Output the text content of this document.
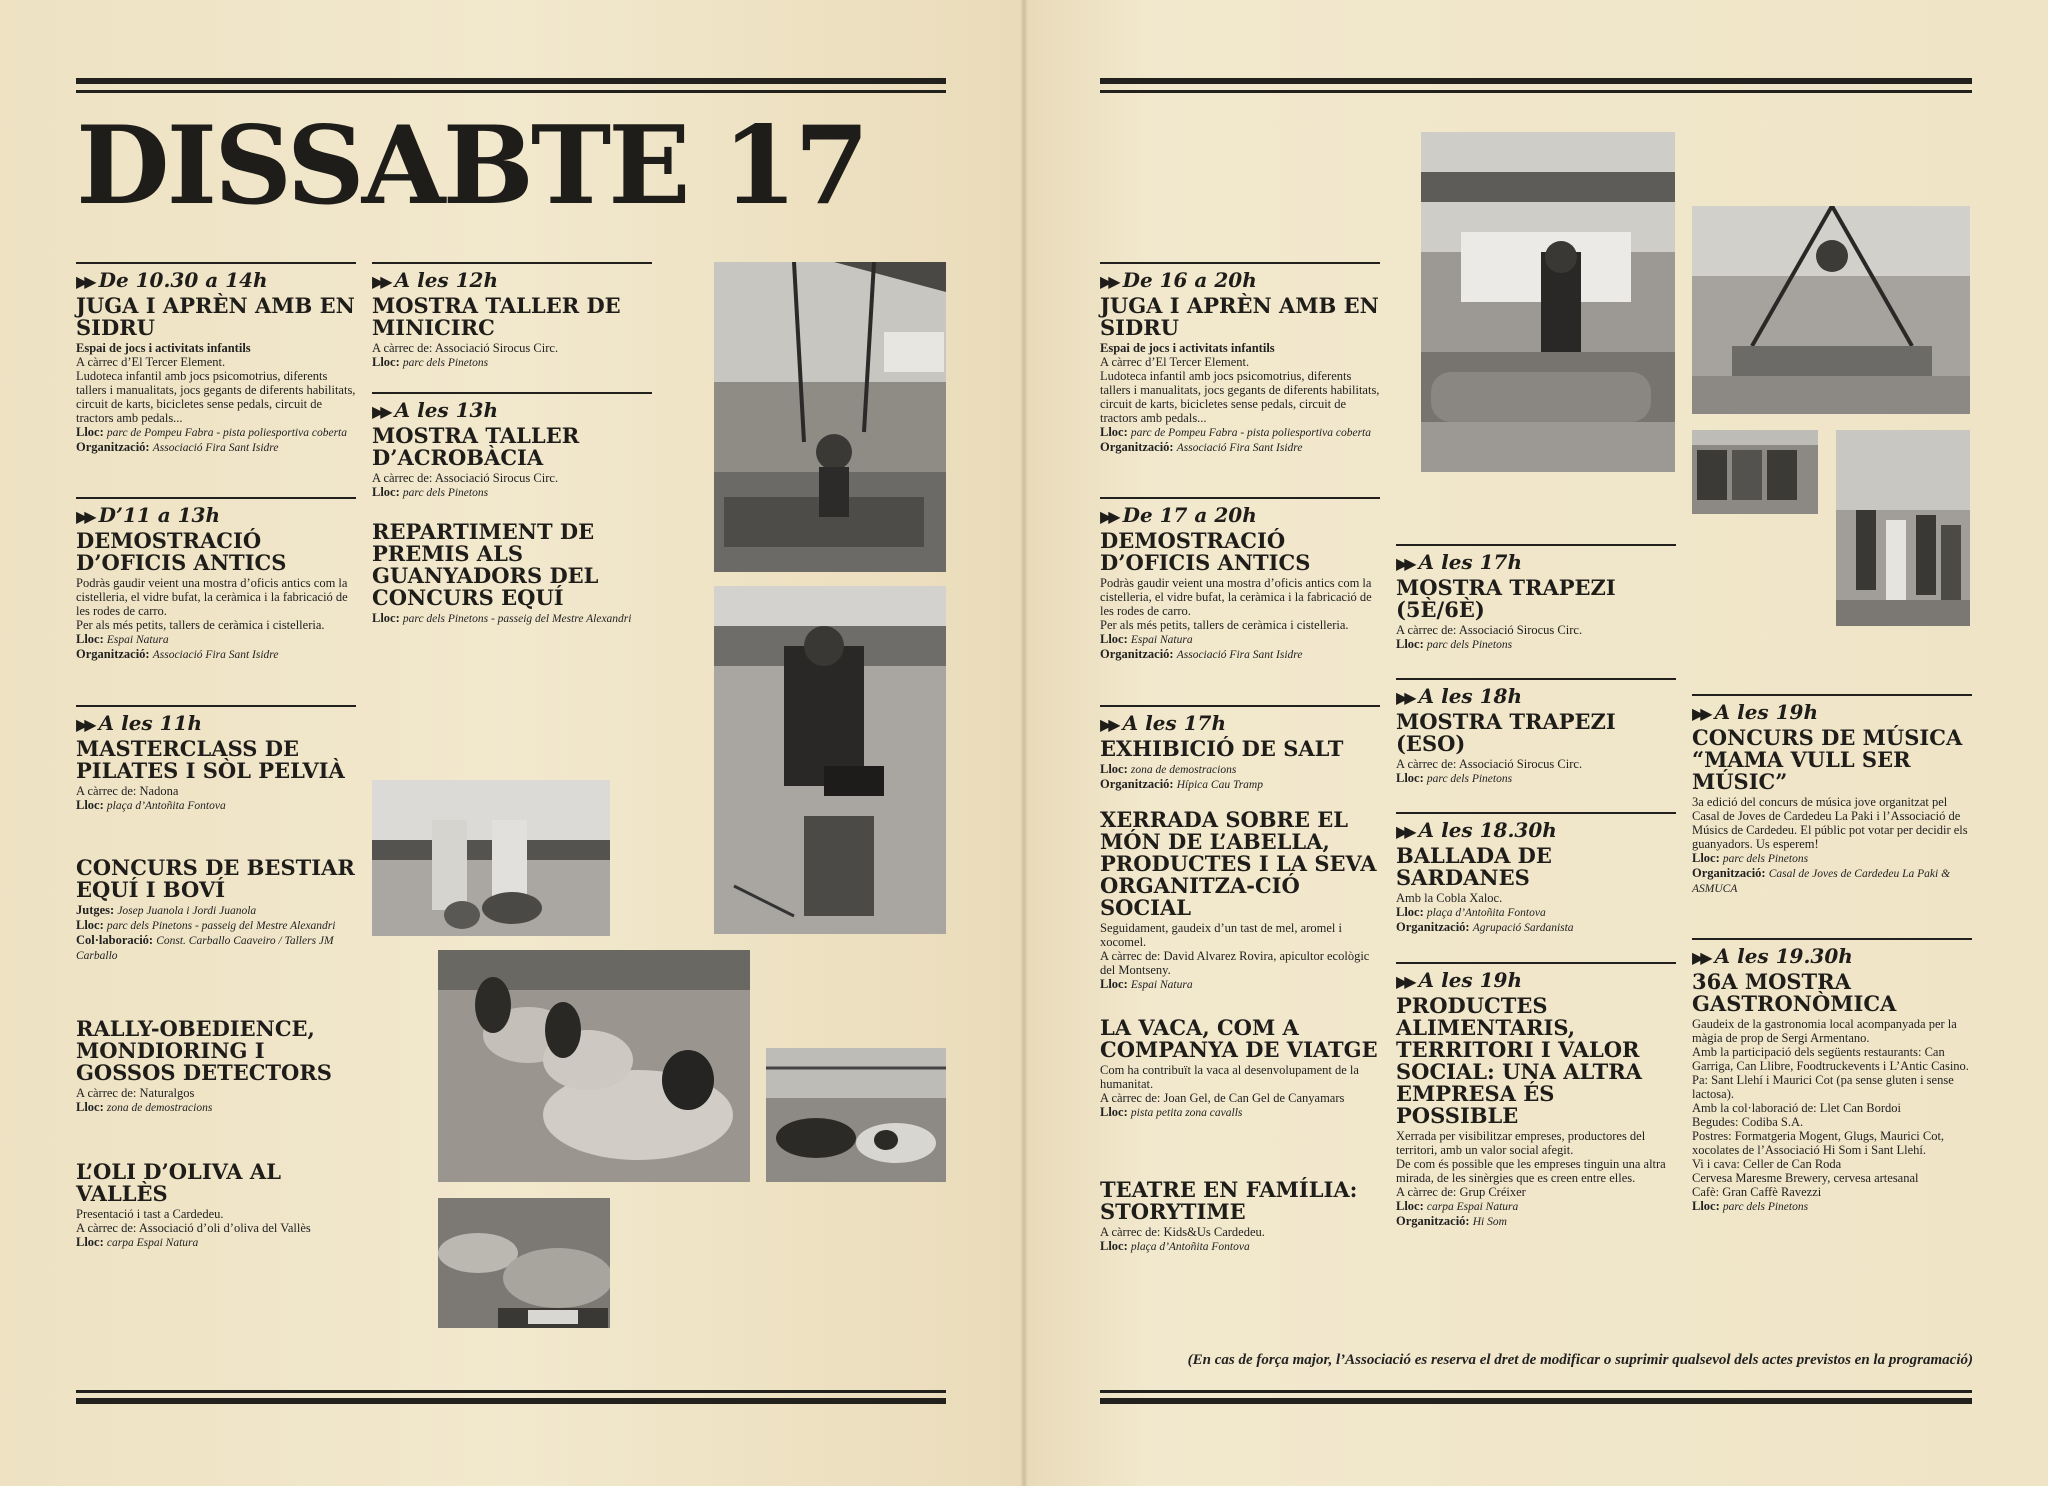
DISSABTE 17
▶▶ De 10.30 a 14h
JUGA I APRÈN AMB EN SIDRU
Espai de jocs i activitats infantils
A càrrec d’El Tercer Element.
Ludoteca infantil amb jocs psicomotrius, diferents tallers i manualitats, jocs gegants de diferents habilitats, circuit de karts, bicicletes sense pedals, circuit de tractors amb pedals...
Lloc: parc de Pompeu Fabra - pista poliesportiva coberta
Organització: Associació Fira Sant Isidre
▶▶ D’11 a 13h
DEMOSTRACIÓ D’OFICIS ANTICS
Podràs gaudir veient una mostra d’oficis antics com la cistelleria, el vidre bufat, la ceràmica i la fabricació de les rodes de carro.
Per als més petits, tallers de ceràmica i cistelleria.
Lloc: Espai Natura
Organització: Associació Fira Sant Isidre
▶▶ A les 11h
MASTERCLASS DE PILATES I SÒL PELVIÀ
A càrrec de: Nadona
Lloc: plaça d’Antoñita Fontova
CONCURS DE BESTIAR EQUÍ I BOVÍ
Jutges: Josep Juanola i Jordi Juanola
Lloc: parc dels Pinetons - passeig del Mestre Alexandri
Col·laboració: Const. Carballo Caaveiro / Tallers JM Carballo
RALLY-OBEDIENCE, MONDIORING I GOSSOS DETECTORS
A càrrec de: Naturalgos
Lloc: zona de demostracions
L’OLI D’OLIVA AL VALLÈS
Presentació i tast a Cardedeu.
A càrrec de: Associació d’oli d’oliva del Vallès
Lloc: carpa Espai Natura
▶▶ A les 12h
MOSTRA TALLER DE MINICIRC
A càrrec de: Associació Sirocus Circ.
Lloc: parc dels Pinetons
▶▶ A les 13h
MOSTRA TALLER D’ACROBÀCIA
A càrrec de: Associació Sirocus Circ.
Lloc: parc dels Pinetons
REPARTIMENT DE PREMIS ALS GUANYADORS DEL CONCURS EQUÍ
Lloc: parc dels Pinetons - passeig del Mestre Alexandri
▶▶ De 16 a 20h
JUGA I APRÈN AMB EN SIDRU
Espai de jocs i activitats infantils
A càrrec d’El Tercer Element.
Ludoteca infantil amb jocs psicomotrius, diferents tallers i manualitats, jocs gegants de diferents habilitats, circuit de karts, bicicletes sense pedals, circuit de tractors amb pedals...
Lloc: parc de Pompeu Fabra - pista poliesportiva coberta
Organització: Associació Fira Sant Isidre
▶▶ De 17 a 20h
DEMOSTRACIÓ D’OFICIS ANTICS
Podràs gaudir veient una mostra d’oficis antics com la cistelleria, el vidre bufat, la ceràmica i la fabricació de les rodes de carro.
Per als més petits, tallers de ceràmica i cistelleria.
Lloc: Espai Natura
Organització: Associació Fira Sant Isidre
▶▶ A les 17h
EXHIBICIÓ DE SALT
Lloc: zona de demostracions
Organització: Hípica Cau Tramp
XERRADA SOBRE EL MÓN DE L’ABELLA, PRODUCTES I LA SEVA ORGANITZA-CIÓ SOCIAL
Seguidament, gaudeix d’un tast de mel, aromel i xocomel.
A càrrec de: David Alvarez Rovira, apicultor ecològic del Montseny.
Lloc: Espai Natura
LA VACA, COM A COMPANYA DE VIATGE
Com ha contribuït la vaca al desenvolupament de la humanitat.
A càrrec de: Joan Gel, de Can Gel de Canyamars
Lloc: pista petita zona cavalls
TEATRE EN FAMÍLIA: STORYTIME
A càrrec de: Kids&Us Cardedeu.
Lloc: plaça d’Antoñita Fontova
▶▶ A les 17h
MOSTRA TRAPEZI (5È/6È)
A càrrec de: Associació Sirocus Circ.
Lloc: parc dels Pinetons
▶▶ A les 18h
MOSTRA TRAPEZI (ESO)
A càrrec de: Associació Sirocus Circ.
Lloc: parc dels Pinetons
▶▶ A les 18.30h
BALLADA DE SARDANES
Amb la Cobla Xaloc.
Lloc: plaça d’Antoñita Fontova
Organització: Agrupació Sardanista
▶▶ A les 19h
PRODUCTES ALIMENTARIS, TERRITORI I VALOR SOCIAL: UNA ALTRA EMPRESA ÉS POSSIBLE
Xerrada per visibilitzar empreses, productores del territori, amb un valor social afegit.
De com és possible que les empreses tinguin una altra mirada, de les sinèrgies que es creen entre elles.
A càrrec de: Grup Créixer
Lloc: carpa Espai Natura
Organització: Hi Som
▶▶ A les 19h
CONCURS DE MÚSICA “MAMA VULL SER MÚSIC”
3a edició del concurs de música jove organitzat pel Casal de Joves de Cardedeu La Paki i l’Associació de Músics de Cardedeu. El públic pot votar per decidir els guanyadors. Us esperem!
Lloc: parc dels Pinetons
Organització: Casal de Joves de Cardedeu La Paki & ASMUCA
▶▶ A les 19.30h
36A MOSTRA GASTRONÒMICA
Gaudeix de la gastronomia local acompanyada per la màgia de prop de Sergi Armentano.
Amb la participació dels següents restaurants: Can Garriga, Can Llibre, Foodtruckevents i L’Antic Casino.
Pa: Sant Llehí i Maurici Cot (pa sense gluten i sense lactosa).
Amb la col·laboració de: Llet Can Bordoi
Begudes: Codiba S.A.
Postres: Formatgeria Mogent, Glugs, Maurici Cot, xocolates de l’Associació Hi Som i Sant Llehí.
Vi i cava: Celler de Can Roda
Cervesa Maresme Brewery, cervesa artesanal
Cafè: Gran Caffè Ravezzi
Lloc: parc dels Pinetons
(En cas de força major, l’Associació es reserva el dret de modificar o suprimir qualsevol dels actes previstos en la programació)
